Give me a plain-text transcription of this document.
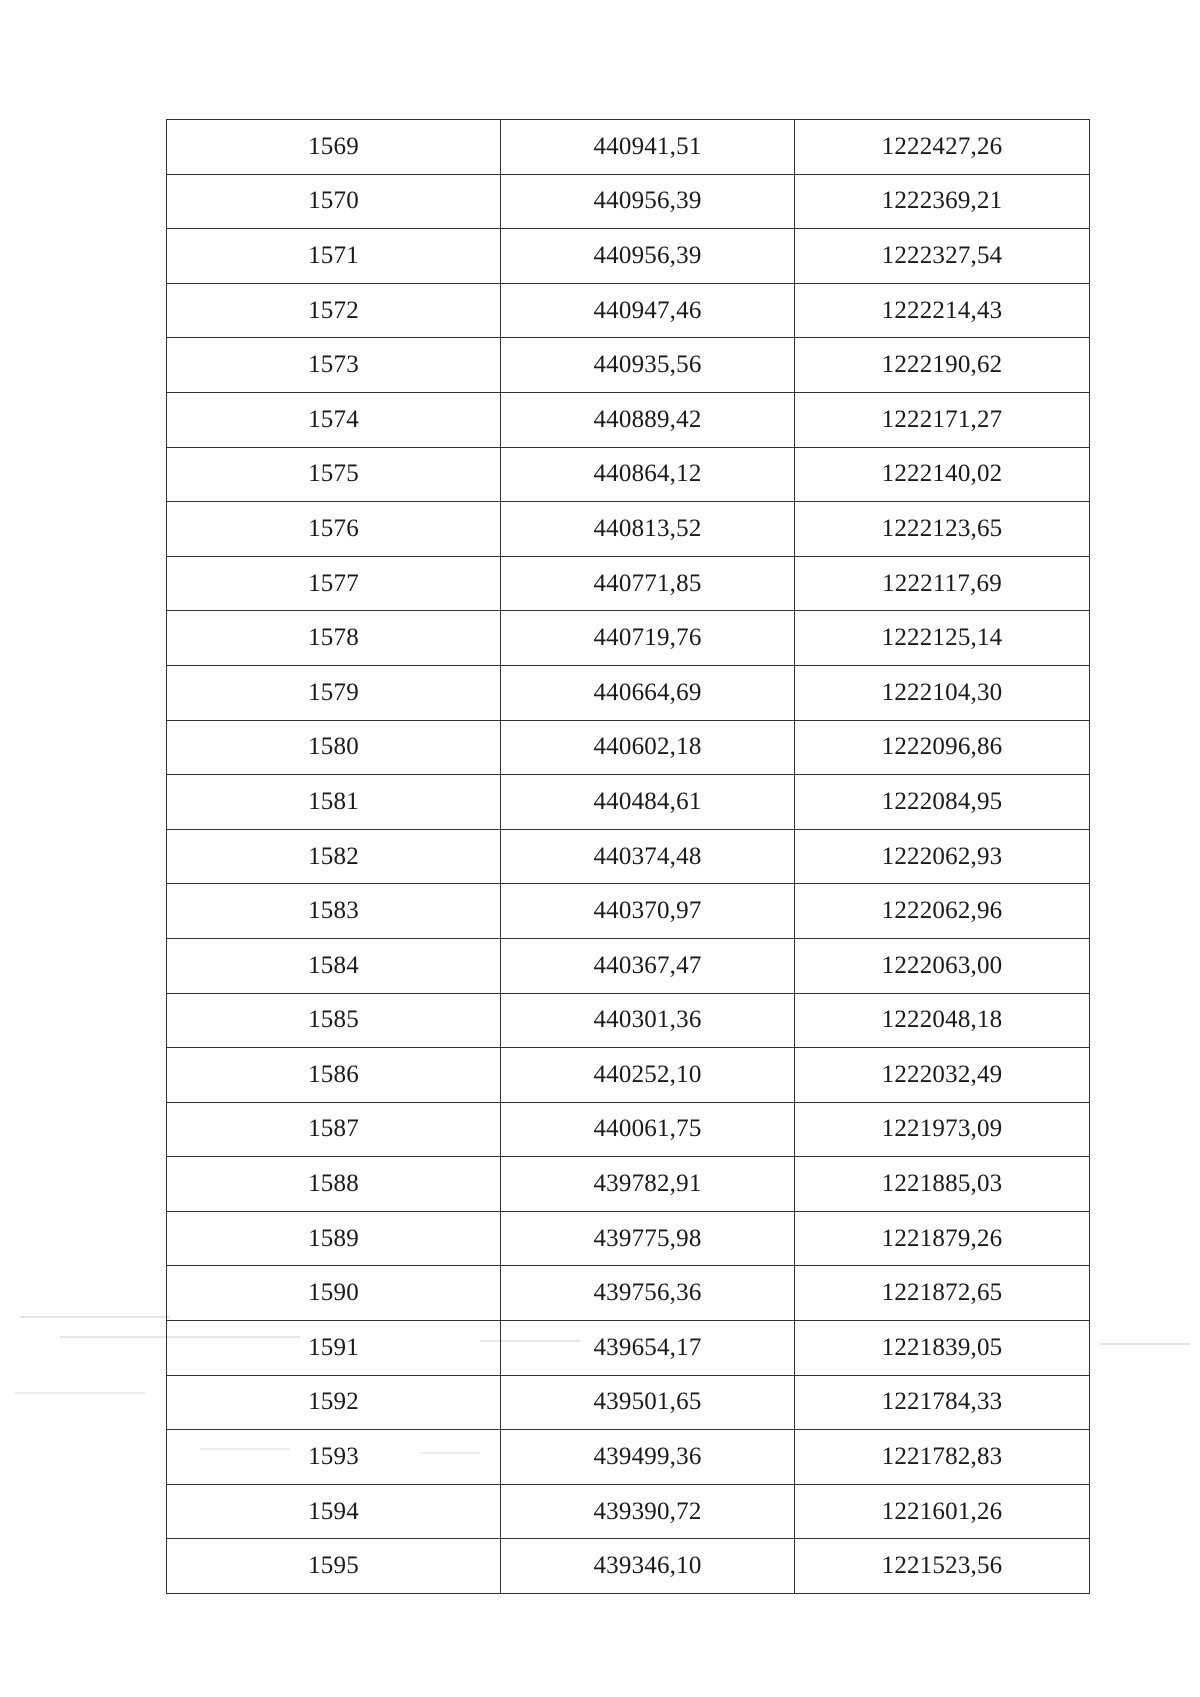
1569	440941,51	1222427,26
1570	440956,39	1222369,21
1571	440956,39	1222327,54
1572	440947,46	1222214,43
1573	440935,56	1222190,62
1574	440889,42	1222171,27
1575	440864,12	1222140,02
1576	440813,52	1222123,65
1577	440771,85	1222117,69
1578	440719,76	1222125,14
1579	440664,69	1222104,30
1580	440602,18	1222096,86
1581	440484,61	1222084,95
1582	440374,48	1222062,93
1583	440370,97	1222062,96
1584	440367,47	1222063,00
1585	440301,36	1222048,18
1586	440252,10	1222032,49
1587	440061,75	1221973,09
1588	439782,91	1221885,03
1589	439775,98	1221879,26
1590	439756,36	1221872,65
1591	439654,17	1221839,05
1592	439501,65	1221784,33
1593	439499,36	1221782,83
1594	439390,72	1221601,26
1595	439346,10	1221523,56
